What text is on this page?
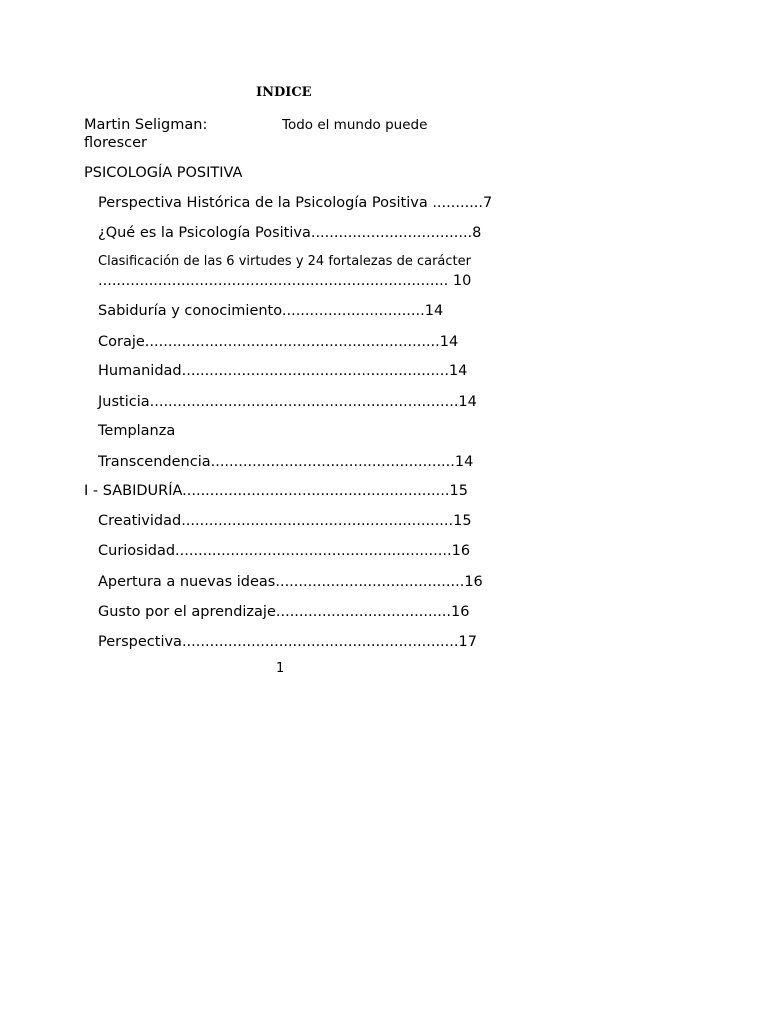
INDICE
Martin Seligman:	Todo el mundo puede
florescer
PSICOLOGÍA POSITIVA
Perspectiva Histórica de la Psicología Positiva ...........7
¿Qué es la Psicología Positiva...................................8
Clasificación de las 6 virtudes y 24 fortalezas de carácter
............................................................................ 10
Sabiduría y conocimiento...............................14
Coraje................................................................14
Humanidad..........................................................14
Justicia...................................................................14
Templanza
Transcendencia.....................................................14
I - SABIDURÍA..........................................................15
Creatividad...........................................................15
Curiosidad............................................................16
Apertura a nuevas ideas.........................................16
Gusto por el aprendizaje......................................16
Perspectiva............................................................17
1
